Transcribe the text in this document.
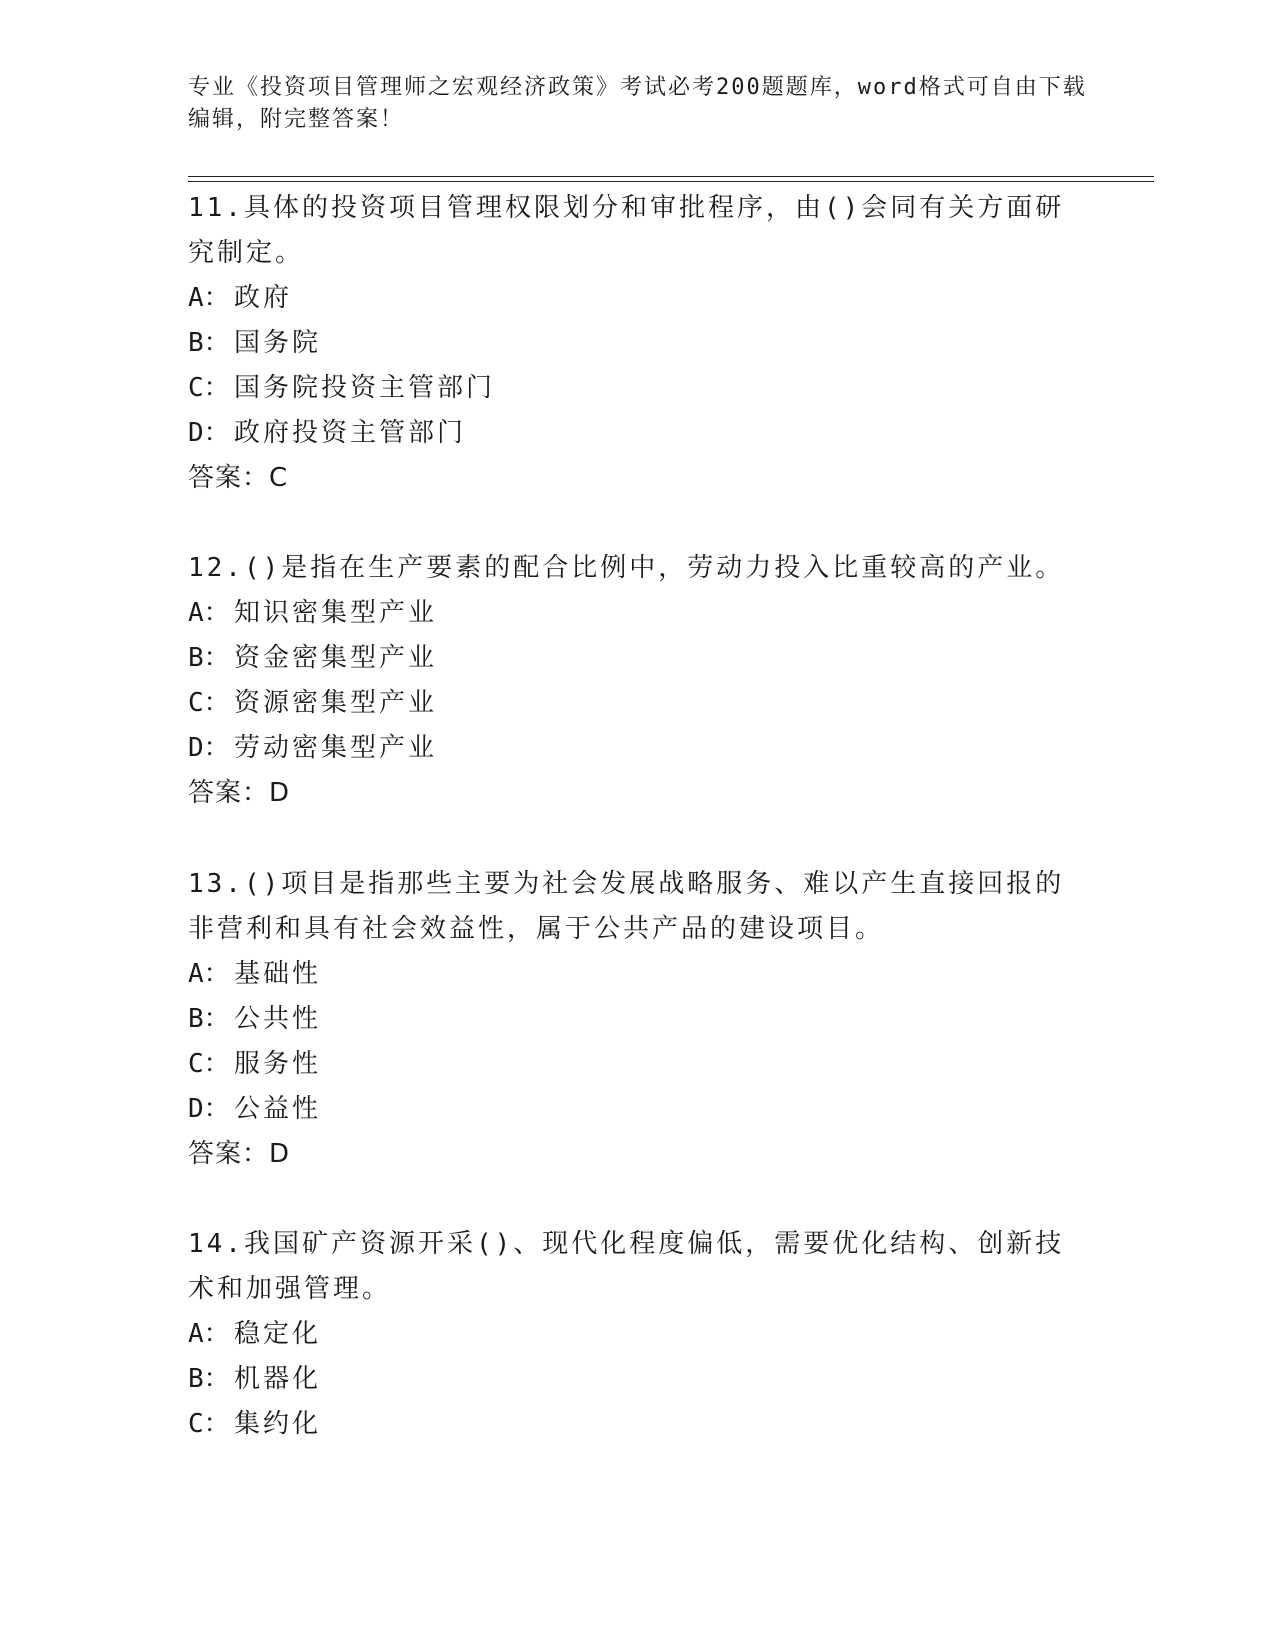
专业《投资项目管理师之宏观经济政策》考试必考200题题库，word格式可自由下载编辑，附完整答案！

11.具体的投资项目管理权限划分和审批程序，由()会同有关方面研究制定。

A： 政府

B： 国务院

C： 国务院投资主管部门

D： 政府投资主管部门

答案：C

12.()是指在生产要素的配合比例中，劳动力投入比重较高的产业。

A： 知识密集型产业

B： 资金密集型产业

C： 资源密集型产业

D： 劳动密集型产业

答案：D

13.()项目是指那些主要为社会发展战略服务、难以产生直接回报的非营利和具有社会效益性，属于公共产品的建设项目。

A： 基础性

B： 公共性

C： 服务性

D： 公益性

答案：D

14.我国矿产资源开采()、现代化程度偏低，需要优化结构、创新技术和加强管理。

A： 稳定化

B： 机器化

C： 集约化
